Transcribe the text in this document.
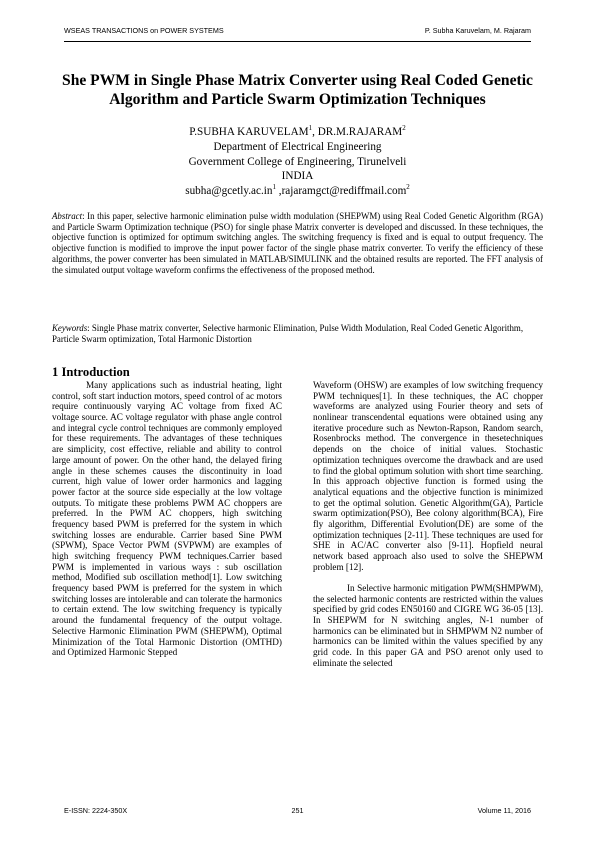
WSEAS TRANSACTIONS on POWER SYSTEMS	P. Subha Karuvelam, M. Rajaram
She PWM in Single Phase Matrix Converter using Real Coded Genetic
Algorithm and Particle Swarm Optimization Techniques
P.SUBHA KARUVELAM$^1$, DR.M.RAJARAM$^2$
Department of Electrical Engineering
Government College of Engineering, Tirunelveli
INDIA
$subha@gcetly.ac.in^1$ ,rajaramgct@rediffmail.com$^2$
Abstract: In this paper, selective harmonic elimination pulse width modulation (SHEPWM) using Real Coded Genetic Algorithm (RGA) and Particle Swarm Optimization technique (PSO) for single phase Matrix converter is developed and discussed. In these techniques, the objective function is optimized for optimum switching angles. The switching frequency is fixed and is equal to output frequency. The objective function is modified to improve the input power factor of the single phase matrix converter. To verify the efficiency of these algorithms, the power converter has been simulated in MATLAB/SIMULINK and the obtained results are reported. The FFT analysis of the simulated output voltage waveform confirms the effectiveness of the proposed method.
Keywords: Single Phase matrix converter, Selective harmonic Elimination, Pulse Width Modulation, Real Coded Genetic Algorithm, Particle Swarm optimization, Total Harmonic Distortion
1 Introduction

Many applications such as industrial heating, light control, soft start induction motors, speed control of ac motors require continuously varying AC voltage from fixed AC voltage source. AC voltage regulator with phase angle control and integral cycle control techniques are commonly employed for these requirements. The advantages of these techniques are simplicity, cost effective, reliable and ability to control large amount of power. On the other hand, the delayed firing angle in these schemes causes the discontinuity in load current, high value of lower order harmonics and lagging power factor at the source side especially at the low voltage outputs. To mitigate these problems PWM AC choppers are preferred. In the PWM AC choppers, high switching frequency based PWM is preferred for the system in which switching losses are endurable. Carrier based Sine PWM (SPWM), Space Vector PWM (SVPWM) are examples of high switching frequency PWM techniques.Carrier based PWM is implemented in various ways : sub oscillation method, Modified sub oscillation method[1]. Low switching frequency based PWM is preferred for the system in which switching losses are intolerable and can tolerate the harmonics to certain extend. The low switching frequency is typically around the fundamental frequency of the output voltage. Selective Harmonic Elimination PWM (SHEPWM), Optimal Minimization of the Total Harmonic Distortion (OMTHD) and Optimized Harmonic Stepped

Waveform (OHSW) are examples of low switching frequency PWM techniques[1]. In these techniques, the AC chopper waveforms are analyzed using Fourier theory and sets of nonlinear transcendental equations were obtained using any iterative procedure such as Newton-Rapson, Random search, Rosenbrocks method. The convergence in thesetechniques depends on the choice of initial values. Stochastic optimization techniques overcome the drawback and are used to find the global optimum solution with short time searching. In this approach objective function is formed using the analytical equations and the objective function is minimized to get the optimal solution. Genetic Algorithm(GA), Particle swarm optimization(PSO), Bee colony algorithm(BCA), Fire fly algorithm, Differential Evolution(DE) are some of the optimization techniques [2-11]. These techniques are used for SHE in AC/AC converter also [9-11]. Hopfield neural network based approach also used to solve the SHEPWM problem [12].

In Selective harmonic mitigation PWM(SHMPWM), the selected harmonic contents are restricted within the values specified by grid codes EN50160 and CIGRE WG 36-05 [13]. In SHEPWM for N switching angles, N-1 number of harmonics can be eliminated but in SHMPWM N2 number of harmonics can be limited within the values specified by any grid code. In this paper GA and PSO arenot only used to eliminate the selected

E-ISSN: 2224-350X	251	Volume 11, 2016
